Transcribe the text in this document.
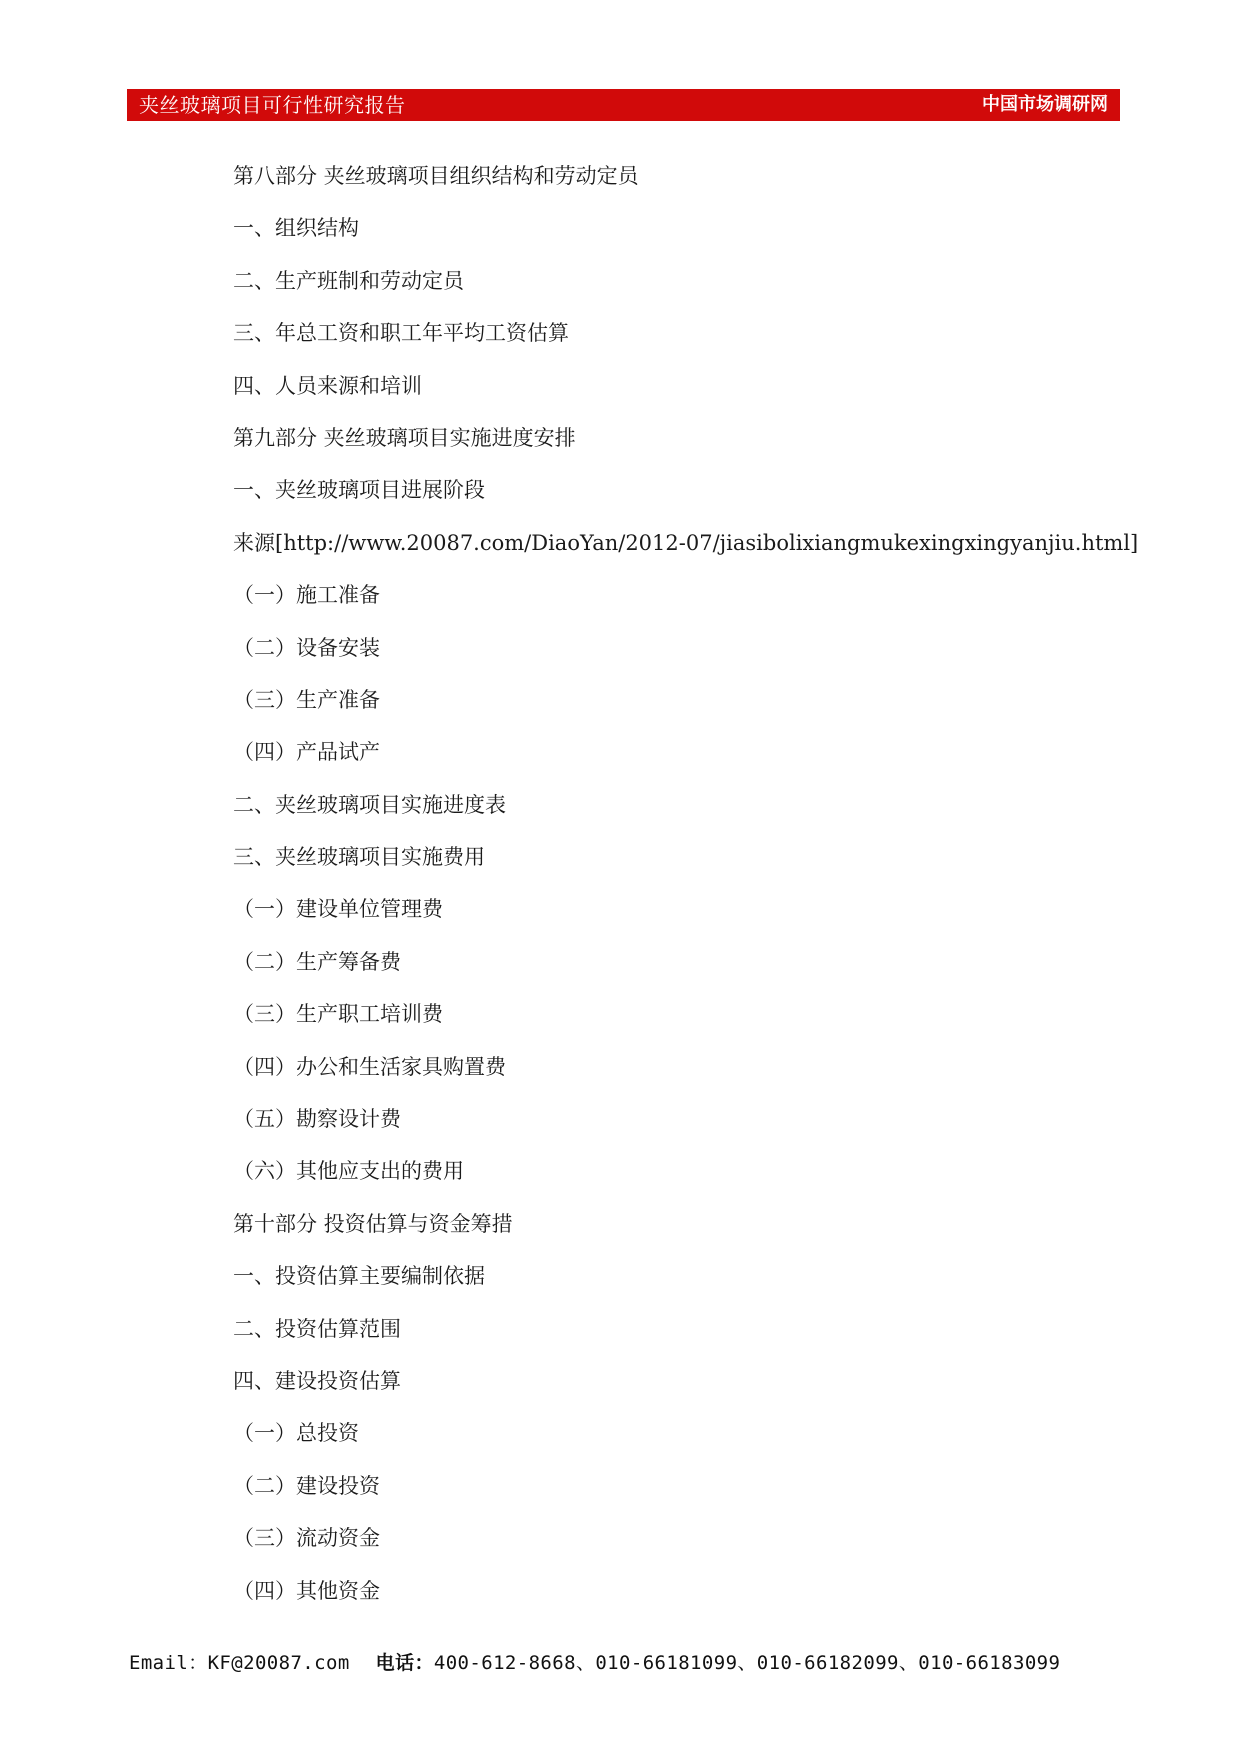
夹丝玻璃项目可行性研究报告	中国市场调研网
第八部分 夹丝玻璃项目组织结构和劳动定员
一、组织结构
二、生产班制和劳动定员
三、年总工资和职工年平均工资估算
四、人员来源和培训
第九部分 夹丝玻璃项目实施进度安排
一、夹丝玻璃项目进展阶段
来源[http://www.20087.com/DiaoYan/2012-07/jiasibolixiangmukexingxingyanjiu.html]
（一）施工准备
（二）设备安装
（三）生产准备
（四）产品试产
二、夹丝玻璃项目实施进度表
三、夹丝玻璃项目实施费用
（一）建设单位管理费
（二）生产筹备费
（三）生产职工培训费
（四）办公和生活家具购置费
（五）勘察设计费
（六）其他应支出的费用
第十部分 投资估算与资金筹措
一、投资估算主要编制依据
二、投资估算范围
四、建设投资估算
（一）总投资
（二）建设投资
（三）流动资金
（四）其他资金
Email：KF@20087.com 电话：400-612-8668、010-66181099、010-66182099、010-66183099
